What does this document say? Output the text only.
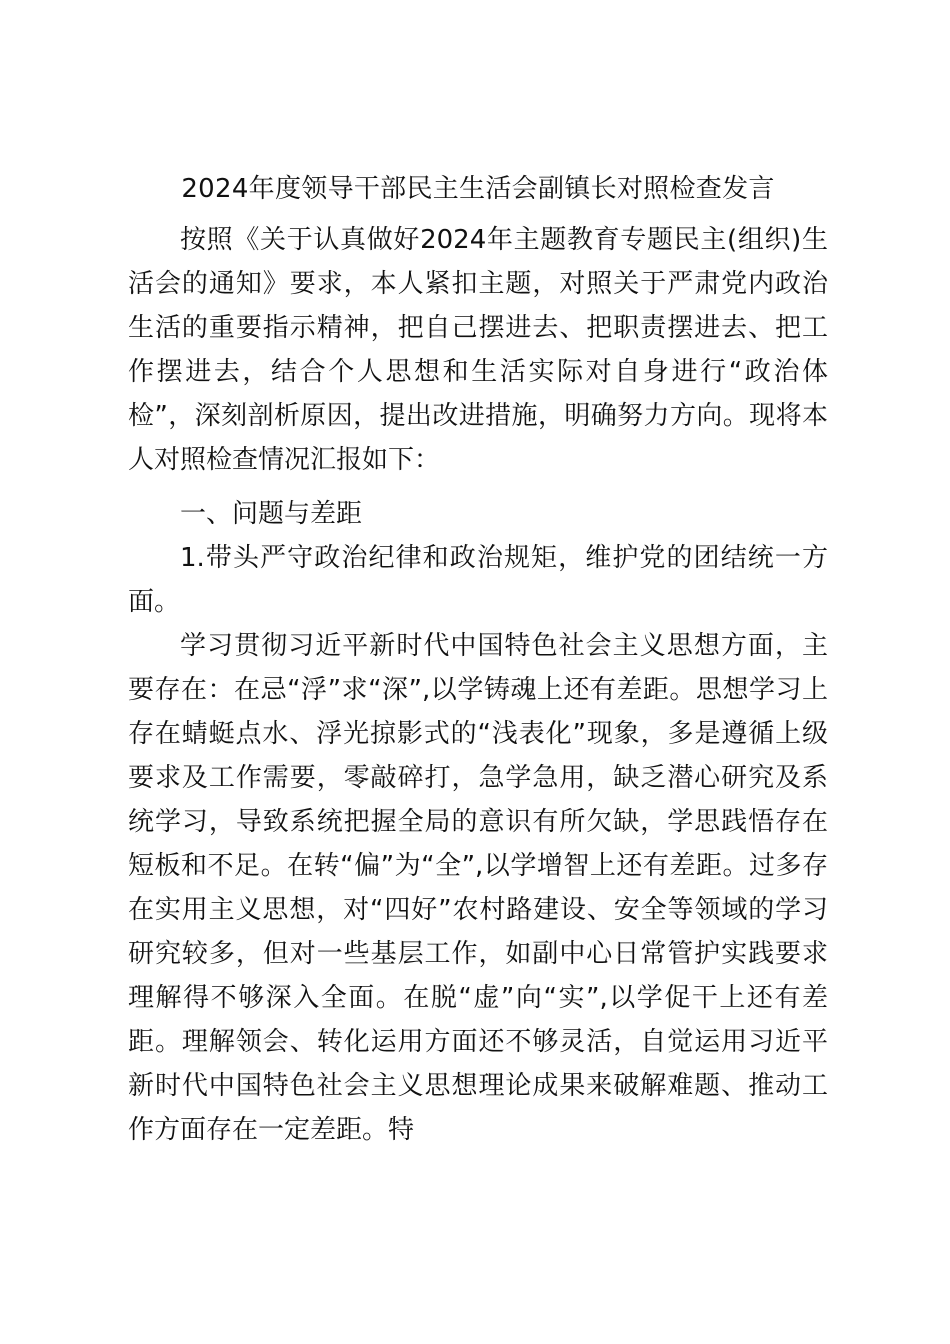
2024年度领导干部民主生活会副镇长对照检查发言

按照《关于认真做好2024年主题教育专题民主(组织)生活会的通知》要求，本人紧扣主题，对照关于严肃党内政治生活的重要指示精神，把自己摆进去、把职责摆进去、把工作摆进去，结合个人思想和生活实际对自身进行“政治体检”，深刻剖析原因，提出改进措施，明确努力方向。现将本人对照检查情况汇报如下：

一、问题与差距

1.带头严守政治纪律和政治规矩，维护党的团结统一方面。

学习贯彻习近平新时代中国特色社会主义思想方面，主要存在：在忌“浮”求“深”,以学铸魂上还有差距。思想学习上存在蜻蜓点水、浮光掠影式的“浅表化”现象，多是遵循上级要求及工作需要，零敲碎打，急学急用，缺乏潜心研究及系统学习，导致系统把握全局的意识有所欠缺，学思践悟存在短板和不足。在转“偏”为“全”,以学增智上还有差距。过多存在实用主义思想，对“四好”农村路建设、安全等领域的学习研究较多，但对一些基层工作，如副中心日常管护实践要求理解得不够深入全面。在脱“虚”向“实”,以学促干上还有差距。理解领会、转化运用方面还不够灵活，自觉运用习近平新时代中国特色社会主义思想理论成果来破解难题、推动工作方面存在一定差距。特
